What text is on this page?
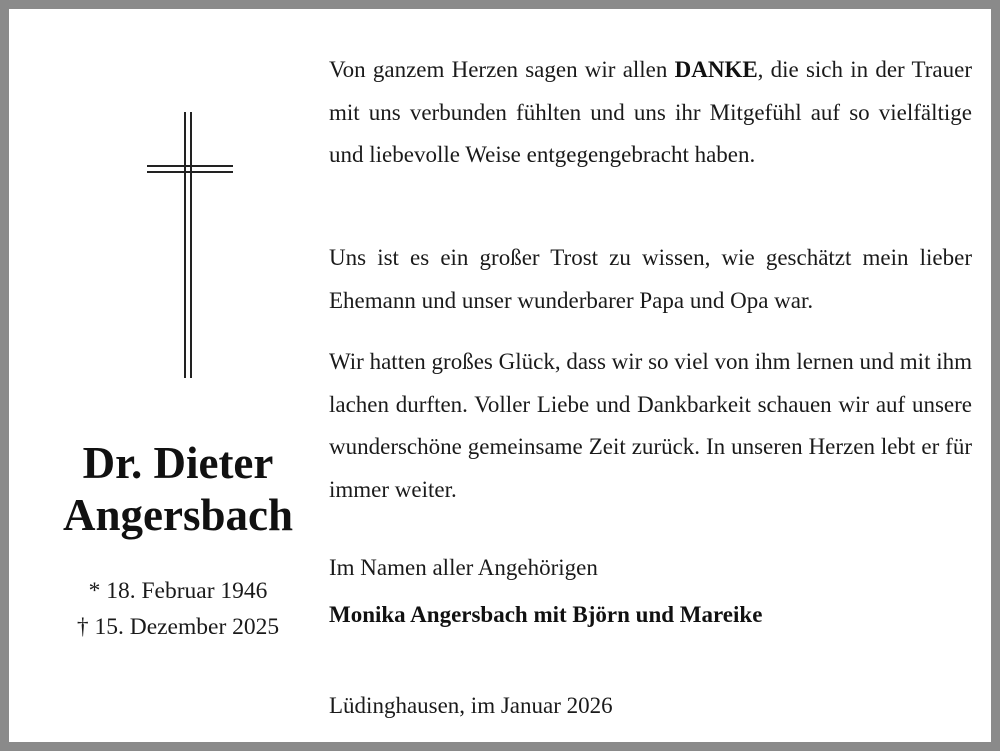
Dr. Dieter
Angersbach
* 18. Februar 1946
† 15. Dezember 2025

Von ganzem Herzen sagen wir allen DANKE, die sich in der Trauer mit uns verbunden fühlten und uns ihr Mitgefühl auf so vielfältige und liebevolle Weise entgegengebracht haben.

Uns ist es ein großer Trost zu wissen, wie geschätzt mein lieber Ehemann und unser wunderbarer Papa und Opa war.

Wir hatten großes Glück, dass wir so viel von ihm lernen und mit ihm lachen durften. Voller Liebe und Dankbarkeit schauen wir auf unsere wunderschöne gemeinsame Zeit zurück. In unseren Herzen lebt er für immer weiter.

Im Namen aller Angehörigen
Monika Angersbach mit Björn und Mareike
Lüdinghausen, im Januar 2026
